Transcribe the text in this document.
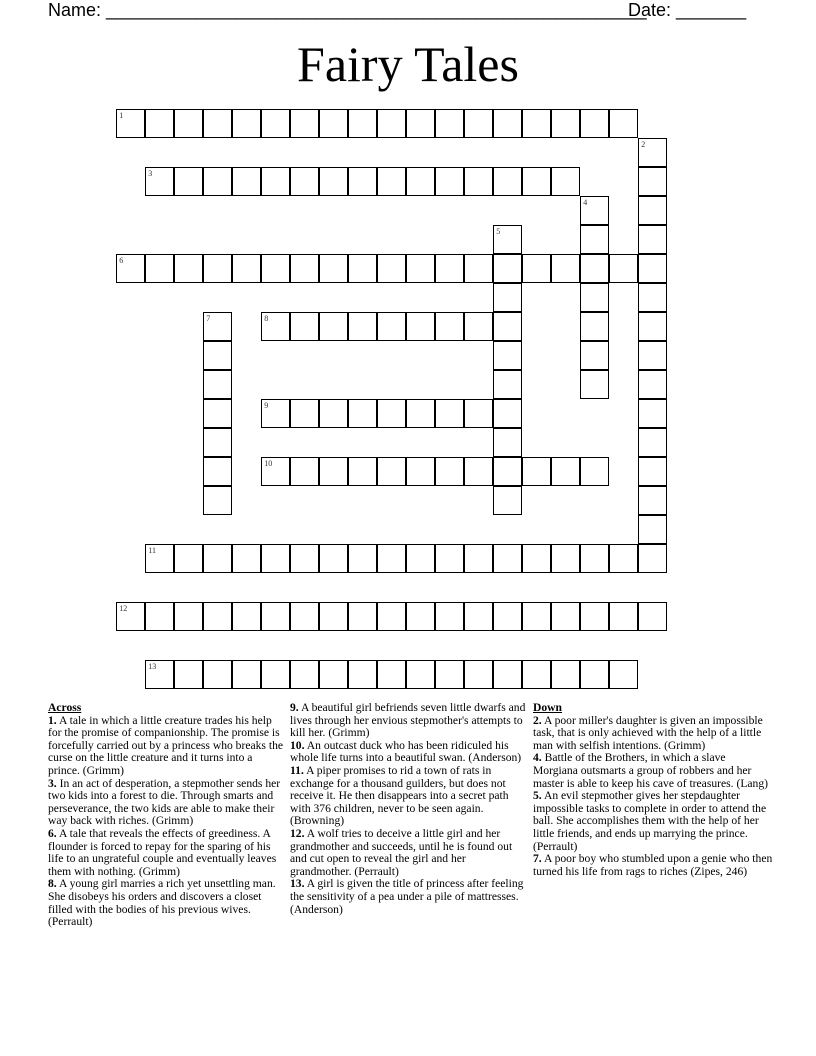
Name: ______________________________________________________
Date: _______
Fairy Tales
1
2
3
4
5
6
7	8
9
10
11
12
13
Across
1. A tale in which a little creature trades his help for the promise of companionship. The promise is forcefully carried out by a princess who breaks the curse on the little creature and it turns into a prince. (Grimm)
3. In an act of desperation, a stepmother sends her two kids into a forest to die. Through smarts and perseverance, the two kids are able to make their way back with riches. (Grimm)
6. A tale that reveals the effects of greediness. A flounder is forced to repay for the sparing of his life to an ungrateful couple and eventually leaves them with nothing. (Grimm)
8. A young girl marries a rich yet unsettling man. She disobeys his orders and discovers a closet filled with the bodies of his previous wives. (Perrault)
9. A beautiful girl befriends seven little dwarfs and lives through her envious stepmother's attempts to kill her. (Grimm)
10. An outcast duck who has been ridiculed his whole life turns into a beautiful swan. (Anderson)
11. A piper promises to rid a town of rats in exchange for a thousand guilders, but does not receive it. He then disappears into a secret path with 376 children, never to be seen again. (Browning)
12. A wolf tries to deceive a little girl and her grandmother and succeeds, until he is found out and cut open to reveal the girl and her grandmother. (Perrault)
13. A girl is given the title of princess after feeling the sensitivity of a pea under a pile of mattresses. (Anderson)
Down
2. A poor miller's daughter is given an impossible task, that is only achieved with the help of a little man with selfish intentions. (Grimm)
4. Battle of the Brothers, in which a slave Morgiana outsmarts a group of robbers and her master is able to keep his cave of treasures. (Lang)
5. An evil stepmother gives her stepdaughter impossible tasks to complete in order to attend the ball. She accomplishes them with the help of her little friends, and ends up marrying the prince. (Perrault)
7. A poor boy who stumbled upon a genie who then turned his life from rags to riches (Zipes, 246)
